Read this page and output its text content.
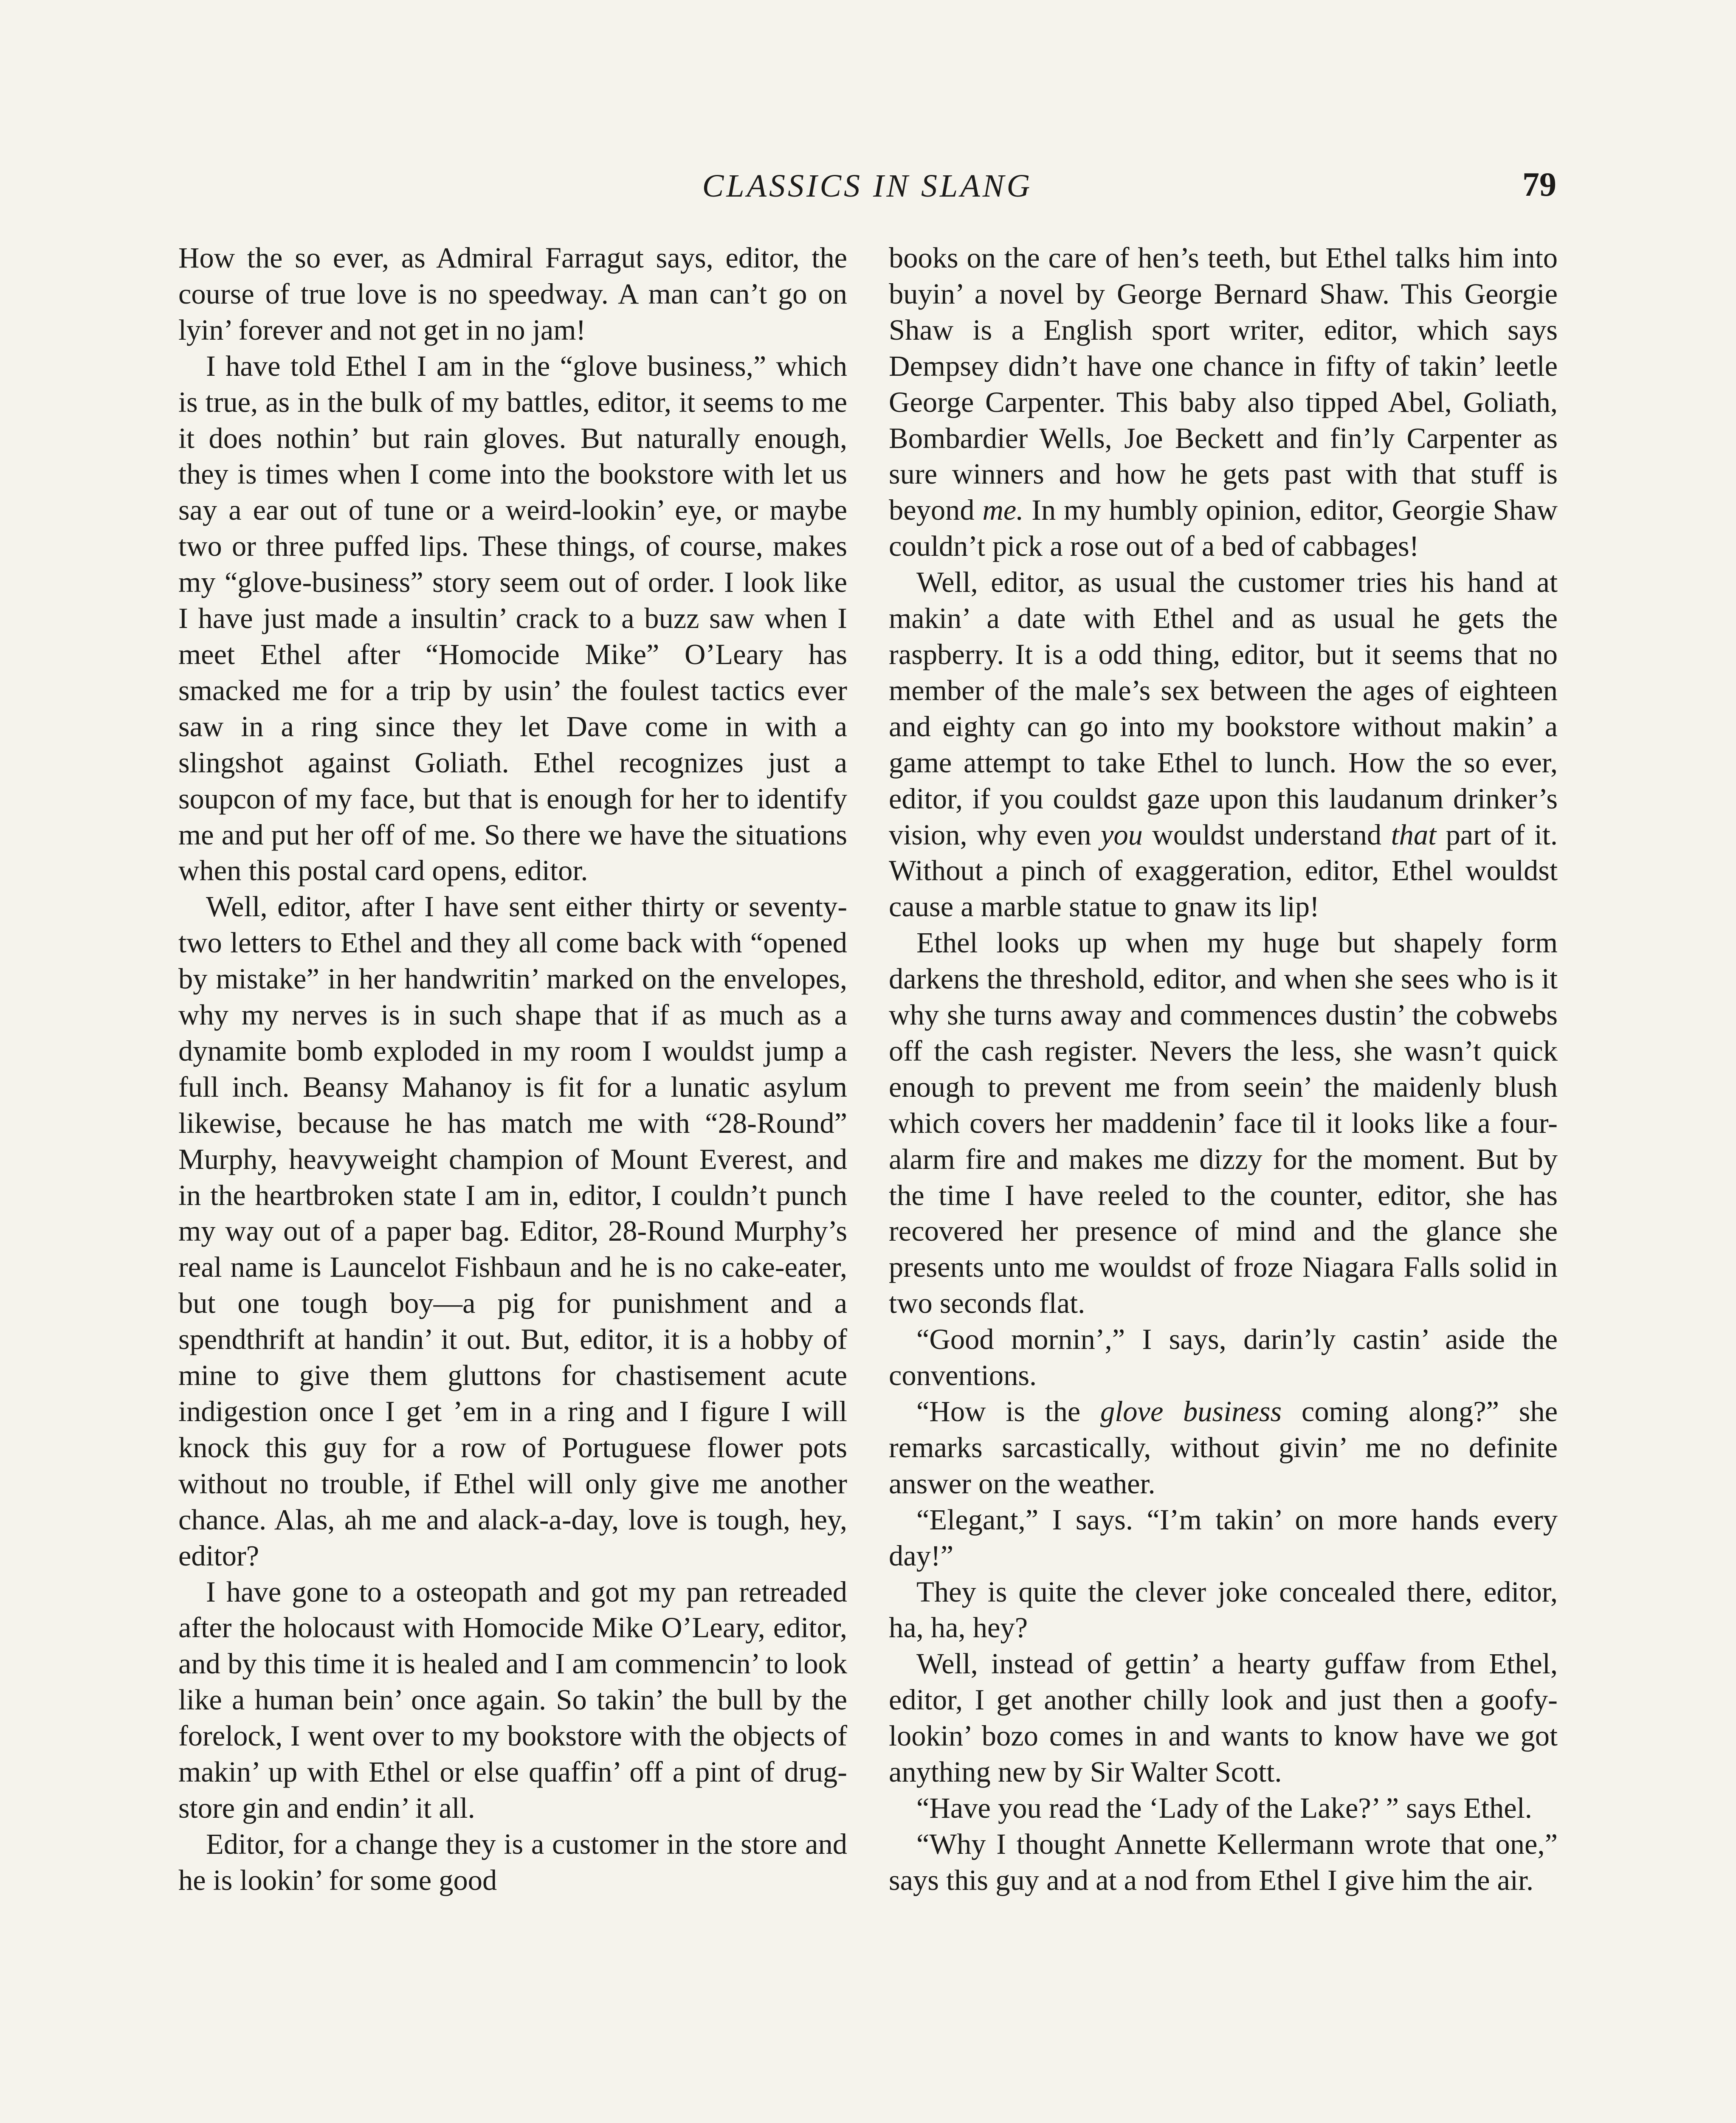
CLASSICS IN SLANG	79

How the so ever, as Admiral Farragut says, editor, the course of true love is no speedway. A man can’t go on lyin’ forever and not get in no jam!

I have told Ethel I am in the “glove business,” which is true, as in the bulk of my battles, editor, it seems to me it does nothin’ but rain gloves. But naturally enough, they is times when I come into the bookstore with let us say a ear out of tune or a weird-lookin’ eye, or maybe two or three puffed lips. These things, of course, makes my “glove-business” story seem out of order. I look like I have just made a insultin’ crack to a buzz saw when I meet Ethel after “Homocide Mike” O’Leary has smacked me for a trip by usin’ the foulest tactics ever saw in a ring since they let Dave come in with a slingshot against Goliath. Ethel recognizes just a soupcon of my face, but that is enough for her to identify me and put her off of me. So there we have the situations when this postal card opens, editor.

Well, editor, after I have sent either thirty or seventy-two letters to Ethel and they all come back with “opened by mistake” in her handwritin’ marked on the envelopes, why my nerves is in such shape that if as much as a dynamite bomb exploded in my room I wouldst jump a full inch. Beansy Mahanoy is fit for a lunatic asylum likewise, because he has match me with “28-Round” Murphy, heavyweight champion of Mount Everest, and in the heartbroken state I am in, editor, I couldn’t punch my way out of a paper bag. Editor, 28-Round Murphy’s real name is Launcelot Fishbaun and he is no cake-eater, but one tough boy—a pig for punishment and a spendthrift at handin’ it out. But, editor, it is a hobby of mine to give them gluttons for chastisement acute indigestion once I get ’em in a ring and I figure I will knock this guy for a row of Portuguese flower pots without no trouble, if Ethel will only give me another chance. Alas, ah me and alack-a-day, love is tough, hey, editor?

I have gone to a osteopath and got my pan retreaded after the holocaust with Homocide Mike O’Leary, editor, and by this time it is healed and I am commencin’ to look like a human bein’ once again. So takin’ the bull by the forelock, I went over to my bookstore with the objects of makin’ up with Ethel or else quaffin’ off a pint of drug-store gin and endin’ it all.

Editor, for a change they is a customer in the store and he is lookin’ for some good

books on the care of hen’s teeth, but Ethel talks him into buyin’ a novel by George Bernard Shaw. This Georgie Shaw is a English sport writer, editor, which says Dempsey didn’t have one chance in fifty of takin’ leetle George Carpenter. This baby also tipped Abel, Goliath, Bombardier Wells, Joe Beckett and fin’ly Carpenter as sure winners and how he gets past with that stuff is beyond me. In my humbly opinion, editor, Georgie Shaw couldn’t pick a rose out of a bed of cabbages!

Well, editor, as usual the customer tries his hand at makin’ a date with Ethel and as usual he gets the raspberry. It is a odd thing, editor, but it seems that no member of the male’s sex between the ages of eighteen and eighty can go into my bookstore without makin’ a game attempt to take Ethel to lunch. How the so ever, editor, if you couldst gaze upon this laudanum drinker’s vision, why even you wouldst understand that part of it. Without a pinch of exaggeration, editor, Ethel wouldst cause a marble statue to gnaw its lip!

Ethel looks up when my huge but shapely form darkens the threshold, editor, and when she sees who is it why she turns away and commences dustin’ the cobwebs off the cash register. Nevers the less, she wasn’t quick enough to prevent me from seein’ the maidenly blush which covers her maddenin’ face til it looks like a four-alarm fire and makes me dizzy for the moment. But by the time I have reeled to the counter, editor, she has recovered her presence of mind and the glance she presents unto me wouldst of froze Niagara Falls solid in two seconds flat.

“Good mornin’,” I says, darin’ly castin’ aside the conventions.

“How is the glove business coming along?” she remarks sarcastically, without givin’ me no definite answer on the weather.

“Elegant,” I says. “I’m takin’ on more hands every day!”

They is quite the clever joke concealed there, editor, ha, ha, hey?

Well, instead of gettin’ a hearty guffaw from Ethel, editor, I get another chilly look and just then a goofy-lookin’ bozo comes in and wants to know have we got anything new by Sir Walter Scott.

“Have you read the ‘Lady of the Lake?’ ” says Ethel.

“Why I thought Annette Kellermann wrote that one,” says this guy and at a nod from Ethel I give him the air.
